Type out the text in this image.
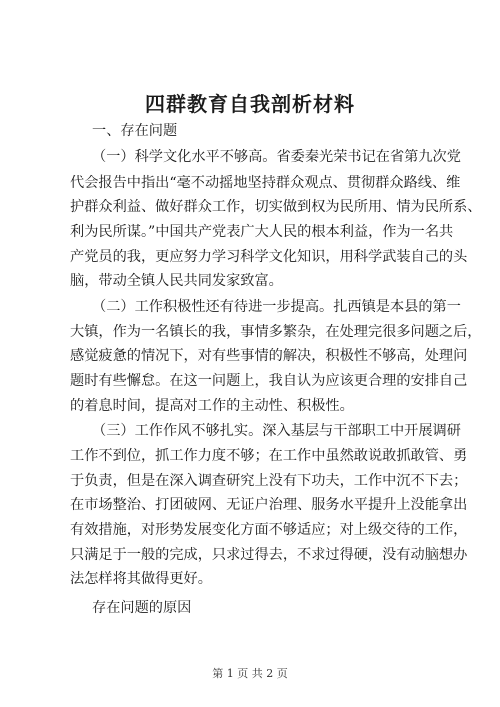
四群教育自我剖析材料
一、存在问题
（一）科学文化水平不够高。省委秦光荣书记在省第九次党
代会报告中指出“毫不动摇地坚持群众观点、贯彻群众路线、维
护群众利益、做好群众工作，切实做到权为民所用、情为民所系、
利为民所谋。”中国共产党表广大人民的根本利益，作为一名共
产党员的我，更应努力学习科学文化知识，用科学武装自己的头
脑，带动全镇人民共同发家致富。
（二）工作积极性还有待进一步提高。扎西镇是本县的第一
大镇，作为一名镇长的我，事情多繁杂，在处理完很多问题之后，
感觉疲惫的情况下，对有些事情的解决，积极性不够高，处理问
题时有些懈怠。在这一问题上，我自认为应该更合理的安排自己
的着息时间，提高对工作的主动性、积极性。
（三）工作作风不够扎实。深入基层与干部职工中开展调研
工作不到位，抓工作力度不够；在工作中虽然敢说敢抓敢管、勇
于负责，但是在深入调查研究上没有下功夫，工作中沉不下去；
在市场整治、打团破网、无证户治理、服务水平提升上没能拿出
有效措施，对形势发展变化方面不够适应；对上级交待的工作，
只满足于一般的完成，只求过得去，不求过得硬，没有动脑想办
法怎样将其做得更好。
存在问题的原因
第 1 页 共 2 页
